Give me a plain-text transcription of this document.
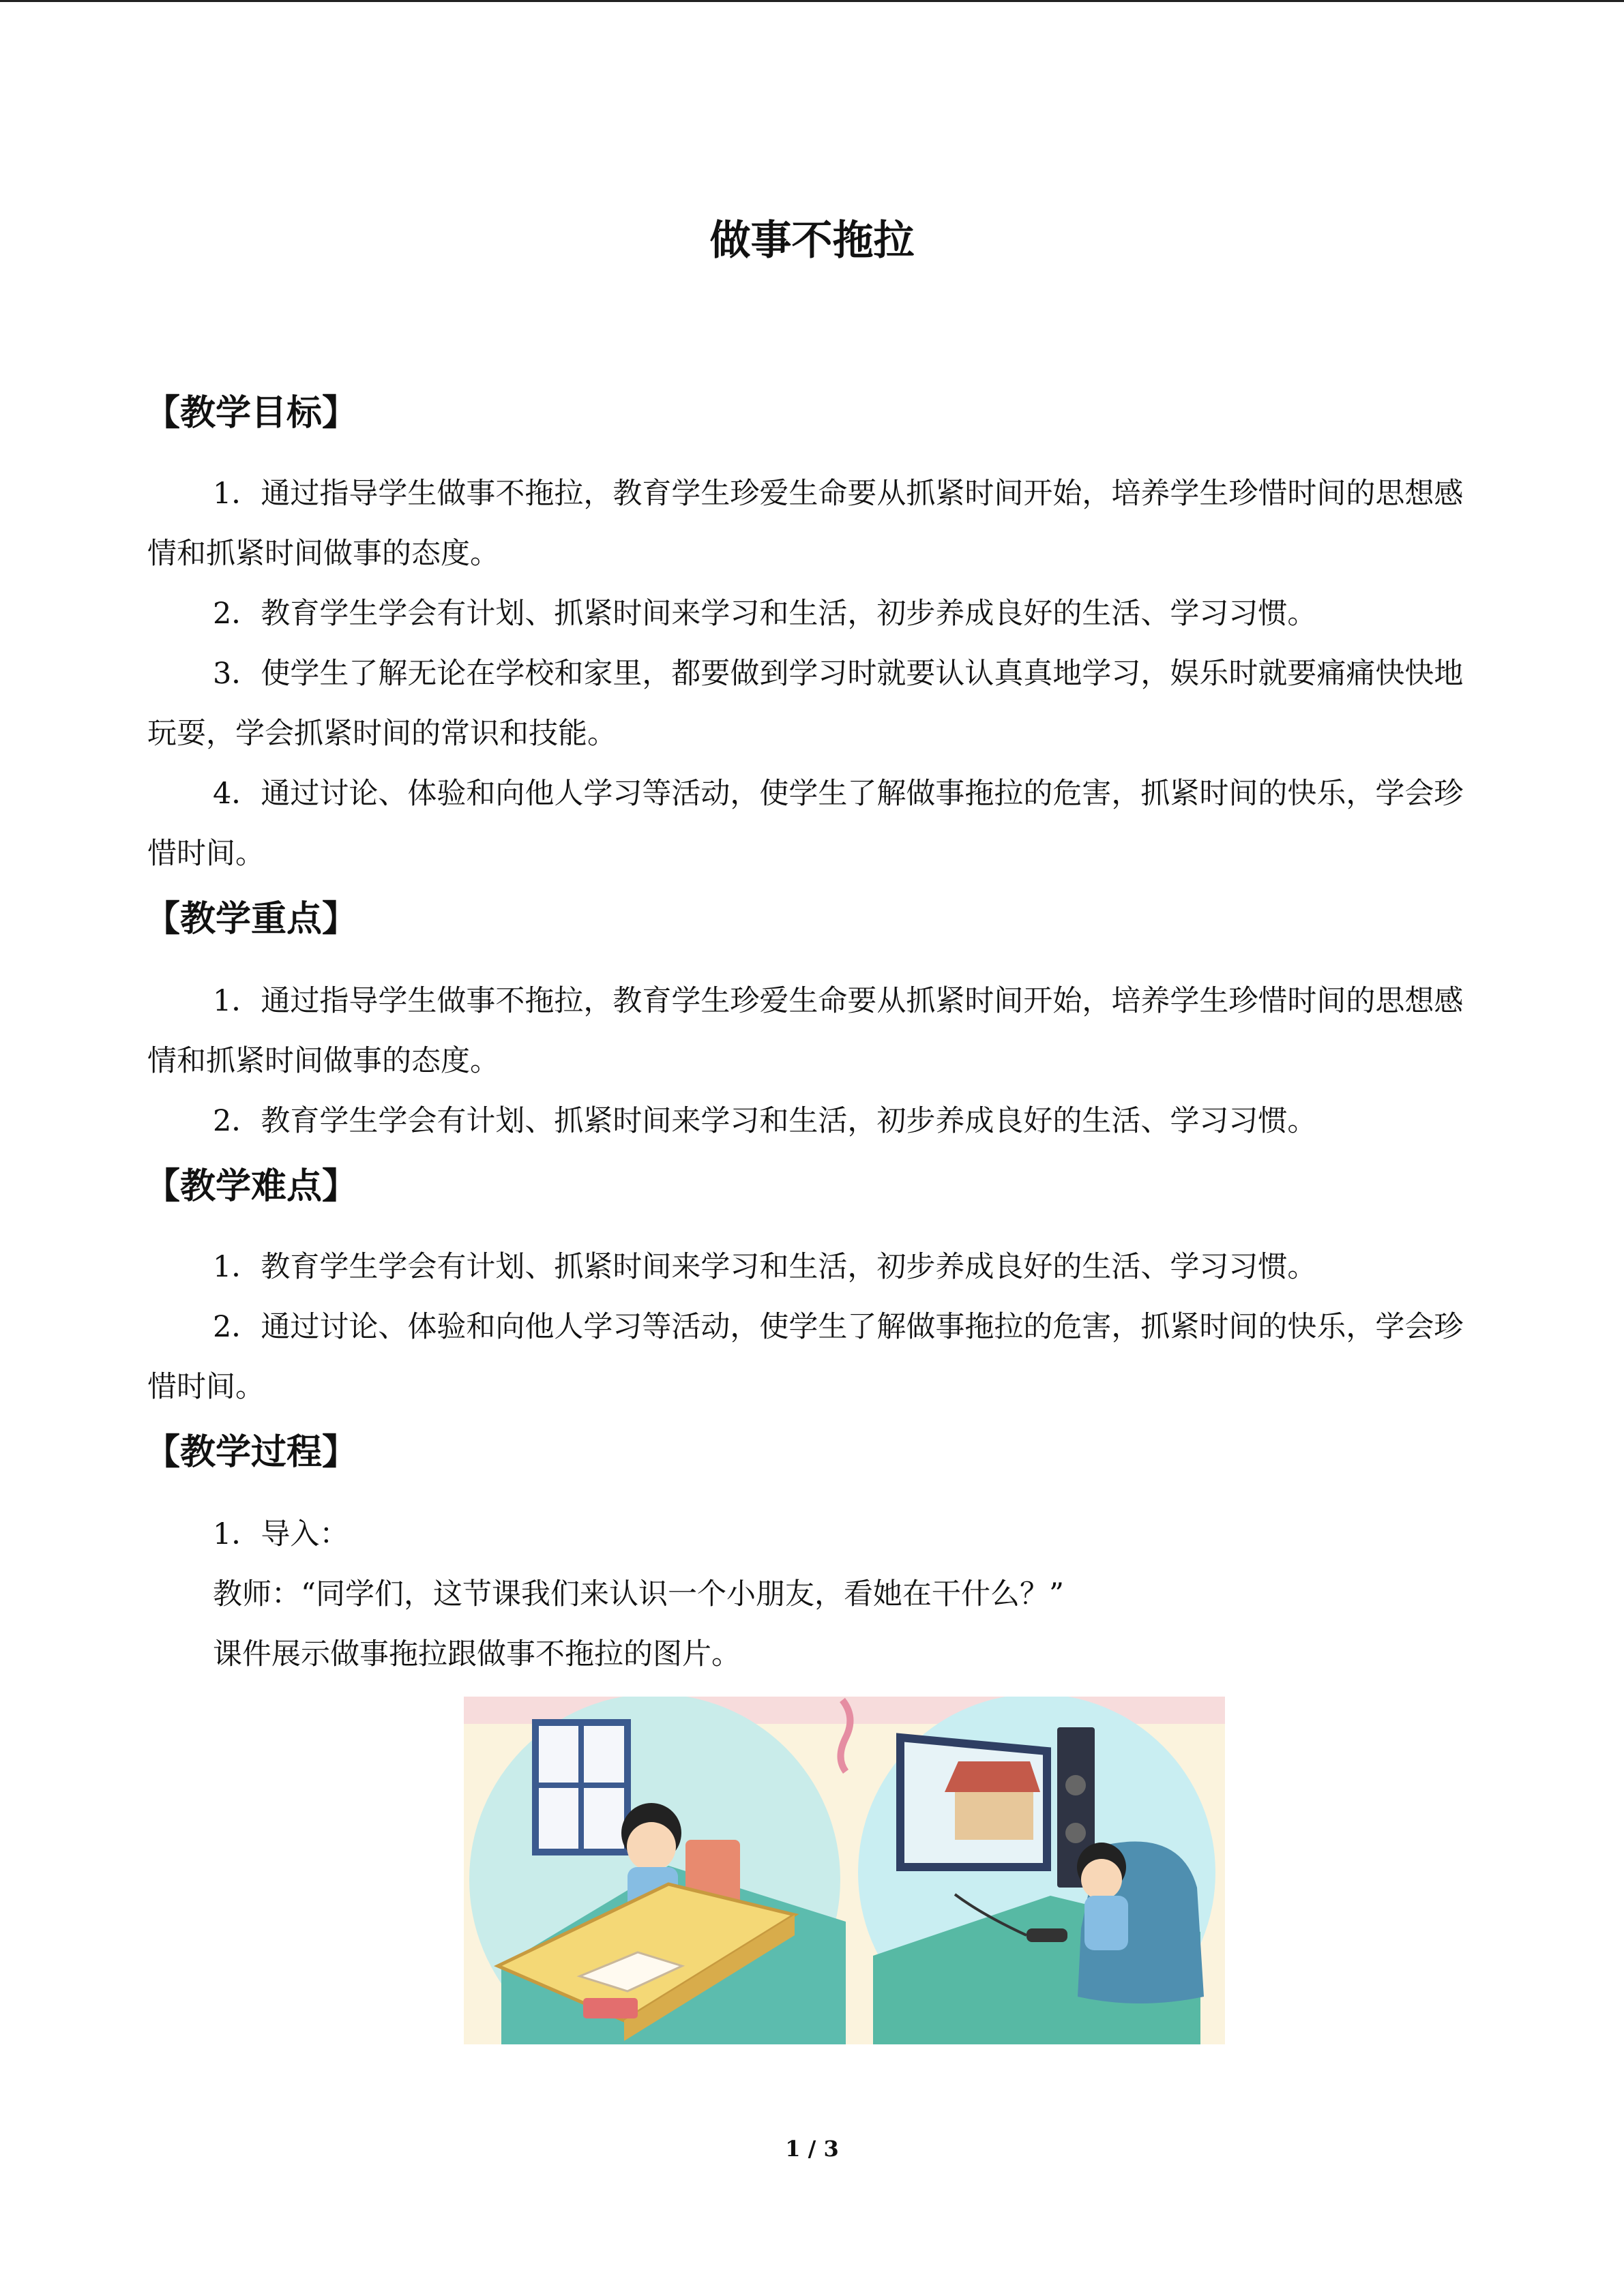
做事不拖拉
【教学目标】

1．通过指导学生做事不拖拉，教育学生珍爱生命要从抓紧时间开始，培养学生珍惜时间的思想感情和抓紧时间做事的态度。

2．教育学生学会有计划、抓紧时间来学习和生活，初步养成良好的生活、学习习惯。

3．使学生了解无论在学校和家里，都要做到学习时就要认认真真地学习，娱乐时就要痛痛快快地玩耍，学会抓紧时间的常识和技能。

4．通过讨论、体验和向他人学习等活动，使学生了解做事拖拉的危害，抓紧时间的快乐，学会珍惜时间。

【教学重点】

1．通过指导学生做事不拖拉，教育学生珍爱生命要从抓紧时间开始，培养学生珍惜时间的思想感情和抓紧时间做事的态度。

2．教育学生学会有计划、抓紧时间来学习和生活，初步养成良好的生活、学习习惯。

【教学难点】

1．教育学生学会有计划、抓紧时间来学习和生活，初步养成良好的生活、学习习惯。

2．通过讨论、体验和向他人学习等活动，使学生了解做事拖拉的危害，抓紧时间的快乐，学会珍惜时间。

【教学过程】

1．导入：

教师：“同学们，这节课我们来认识一个小朋友，看她在干什么？”

课件展示做事拖拉跟做事不拖拉的图片。

1 / 3
